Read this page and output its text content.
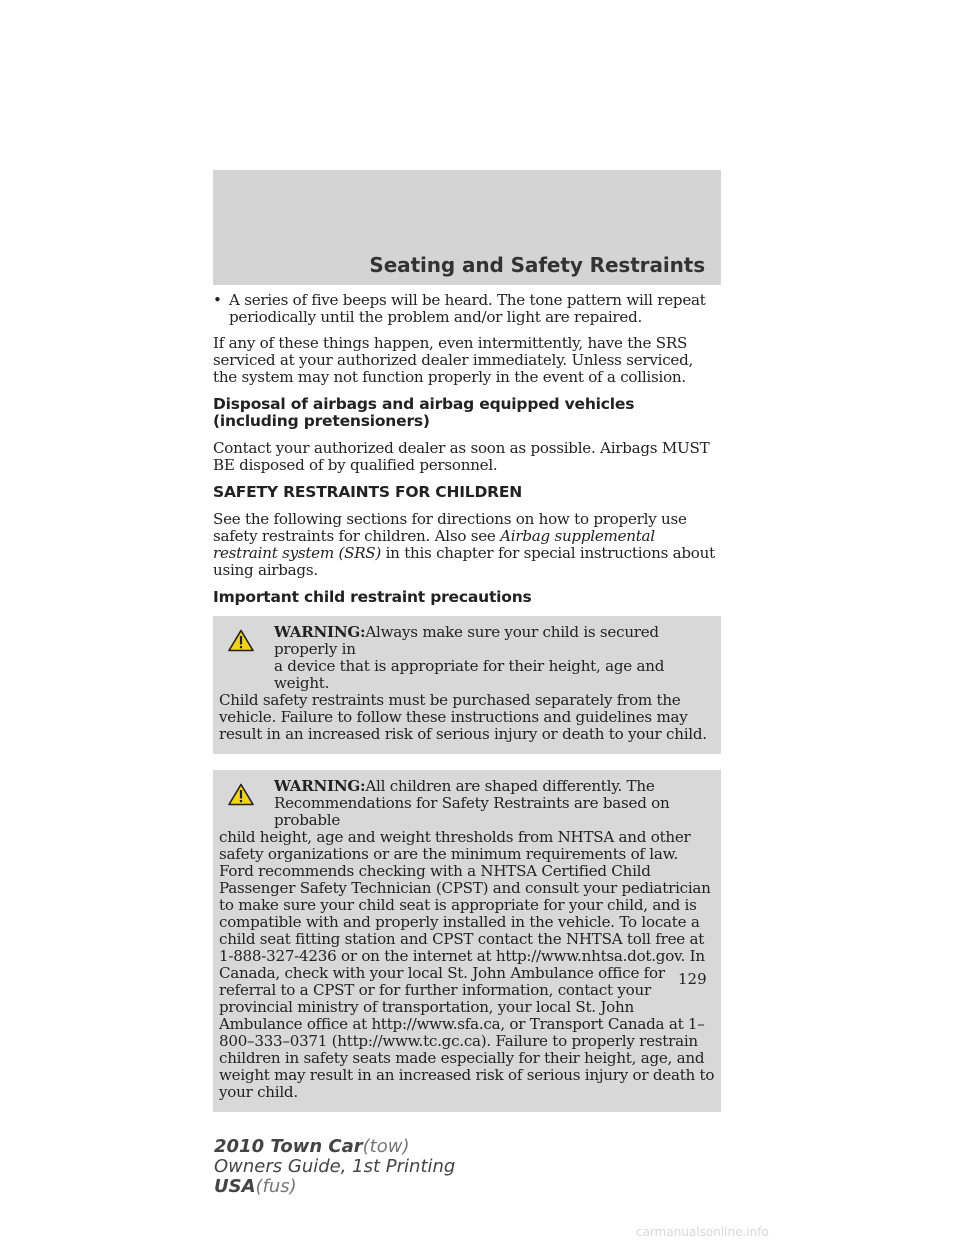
Seating and Safety Restraints
• A series of five beeps will be heard. The tone pattern will repeat periodically until the problem and/or light are repaired.

If any of these things happen, even intermittently, have the SRS serviced at your authorized dealer immediately. Unless serviced, the system may not function properly in the event of a collision.

Disposal of airbags and airbag equipped vehicles
(including pretensioners)

Contact your authorized dealer as soon as possible. Airbags MUST BE disposed of by qualified personnel.

SAFETY RESTRAINTS FOR CHILDREN

See the following sections for directions on how to properly use safety restraints for children. Also see Airbag supplemental restraint system (SRS) in this chapter for special instructions about using airbags.

Important child restraint precautions
WARNING:Always make sure your child is secured properly in
a device that is appropriate for their height, age and weight.
Child safety restraints must be purchased separately from the vehicle. Failure to follow these instructions and guidelines may result in an increased risk of serious injury or death to your child.
WARNING:All children are shaped differently. The
Recommendations for Safety Restraints are based on probable
child height, age and weight thresholds from NHTSA and other safety organizations or are the minimum requirements of law. Ford recommends checking with a NHTSA Certified Child Passenger Safety Technician (CPST) and consult your pediatrician to make sure your child seat is appropriate for your child, and is compatible with and properly installed in the vehicle. To locate a child seat fitting station and CPST contact the NHTSA toll free at 1-888-327-4236 or on the internet at http://www.nhtsa.dot.gov. In Canada, check with your local St. John Ambulance office for referral to a CPST or for further information, contact your provincial ministry of transportation, your local St. John Ambulance office at http://www.sfa.ca, or Transport Canada at 1–800–333–0371 (http://www.tc.gc.ca). Failure to properly restrain children in safety seats made especially for their height, age, and weight may result in an increased risk of serious injury or death to your child.

129

2010 Town Car(tow)
Owners Guide, 1st Printing
USA(fus)
carmanualsonline.info
